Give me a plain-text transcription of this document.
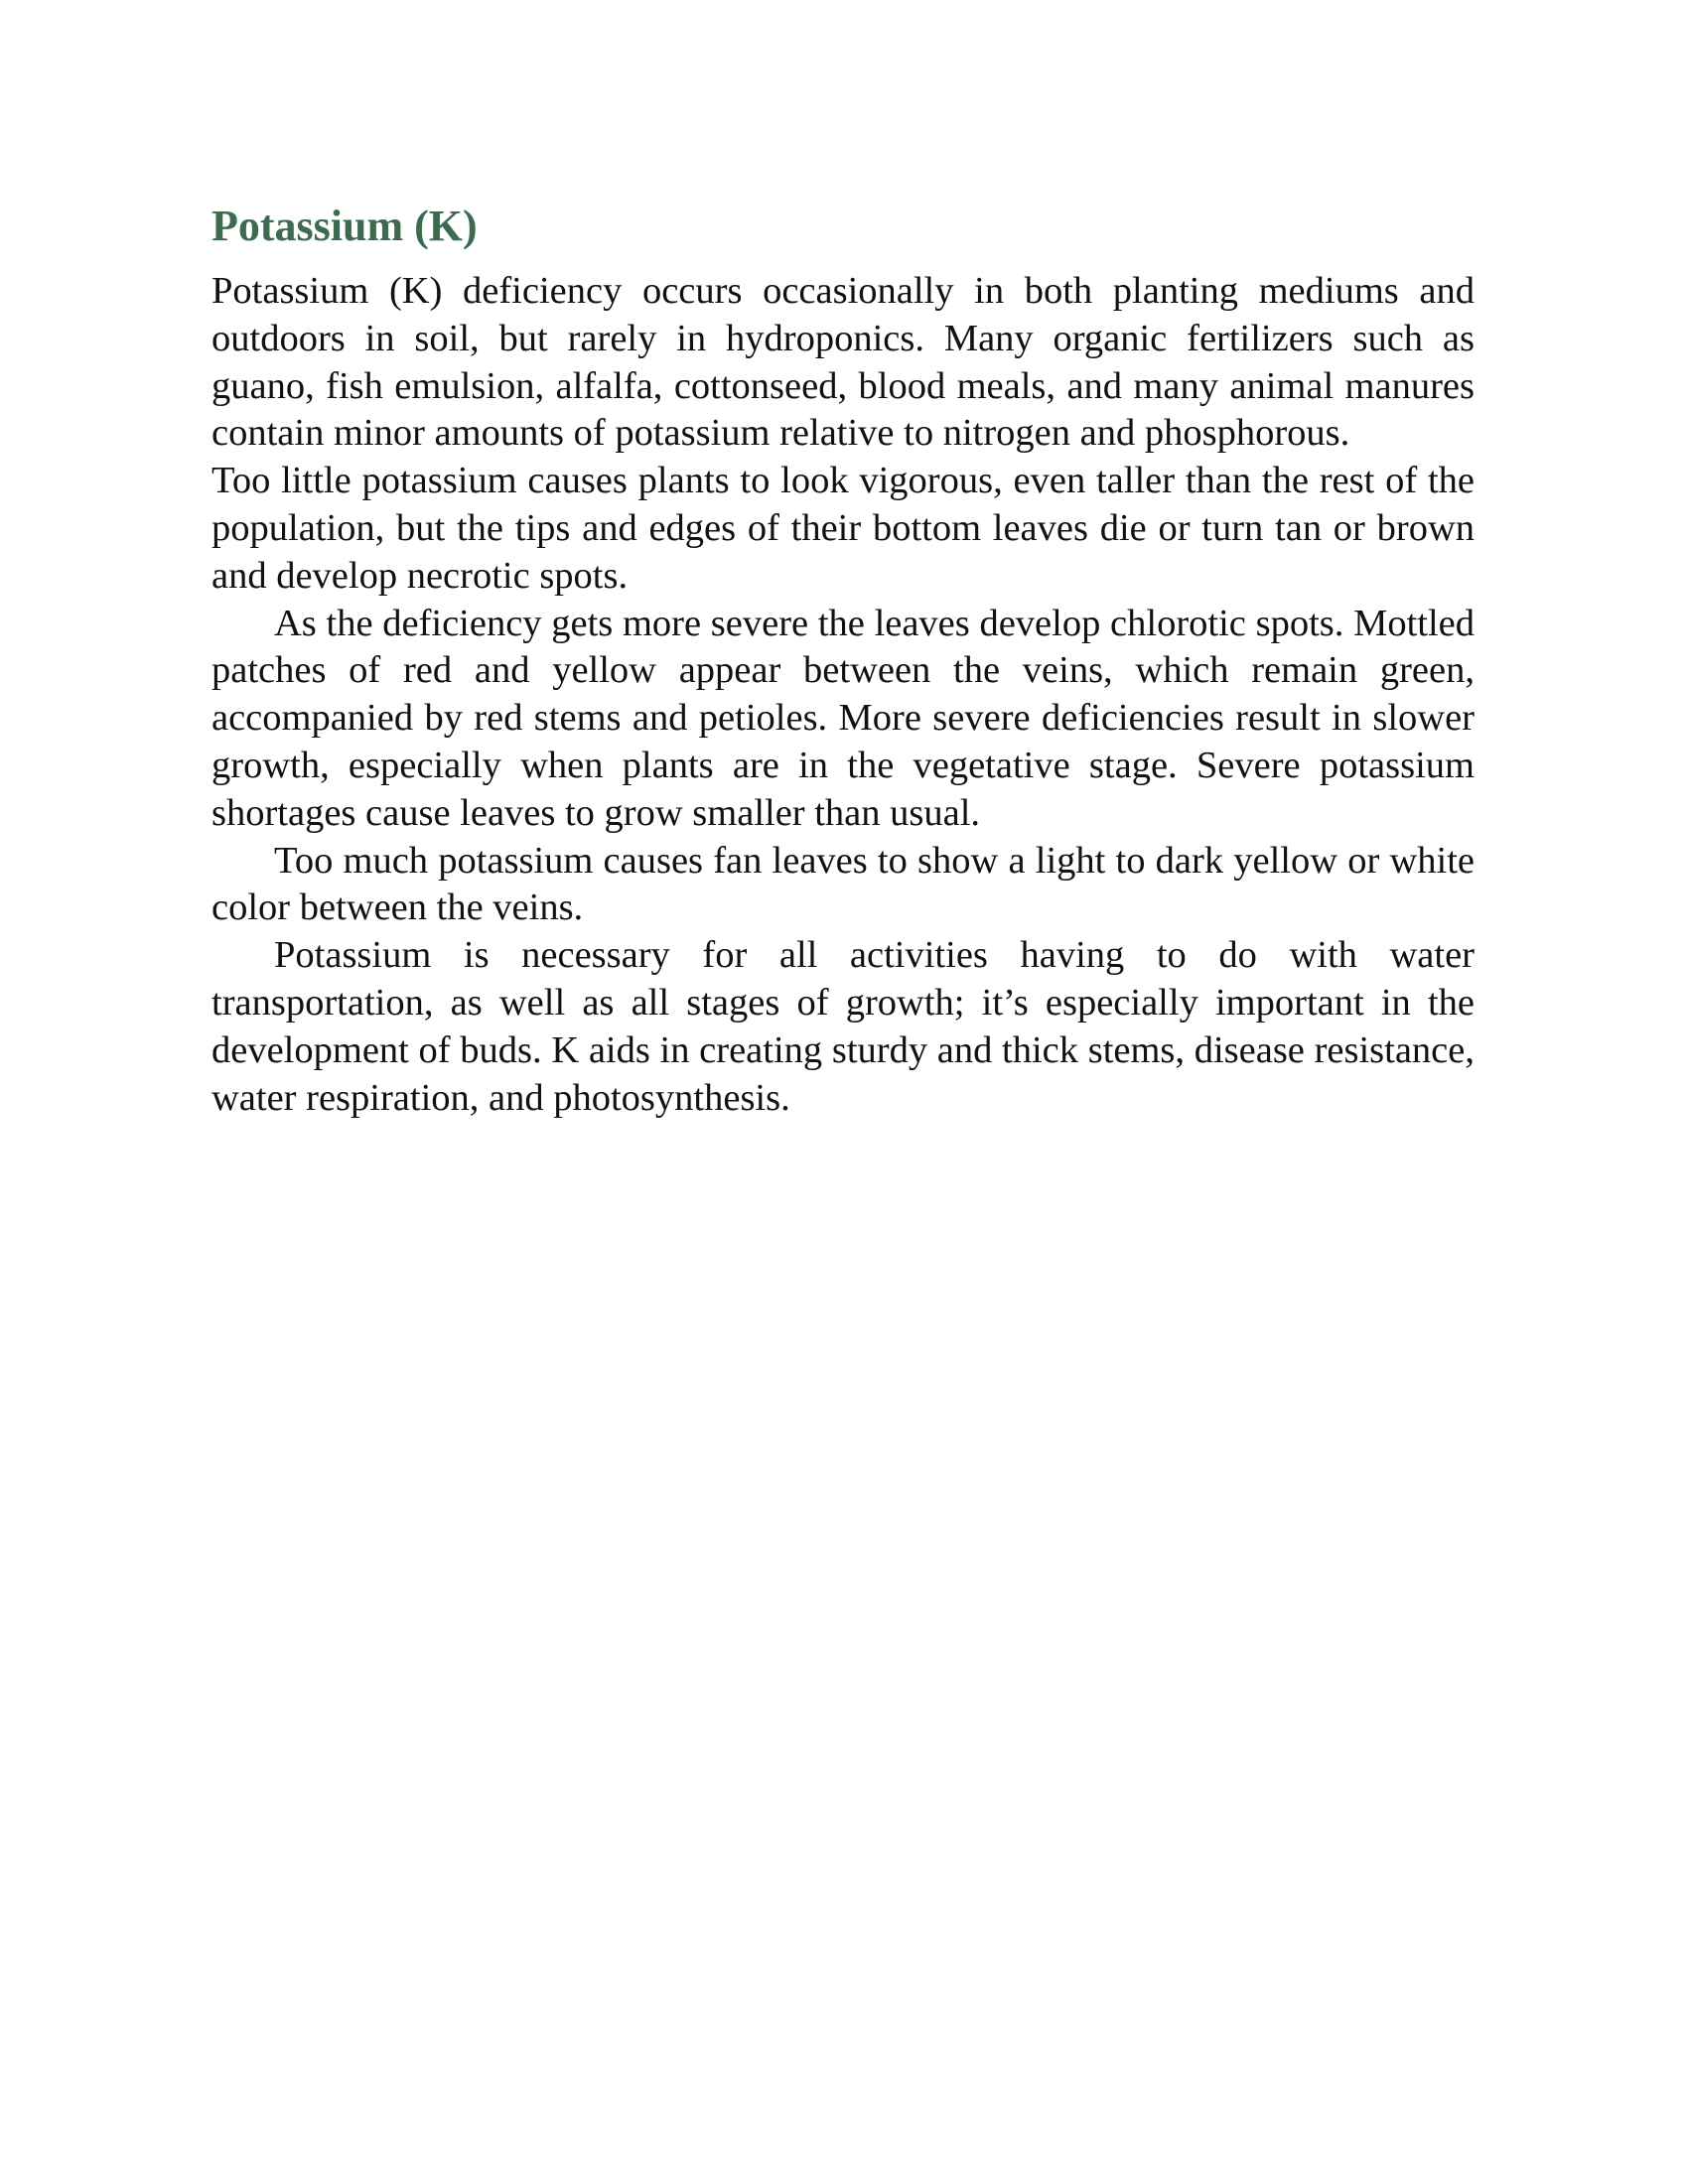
Potassium (K)

Potassium (K) deficiency occurs occasionally in both planting mediums and outdoors in soil, but rarely in hydroponics. Many organic fertilizers such as guano, fish emulsion, alfalfa, cottonseed, blood meals, and many animal manures contain minor amounts of potassium relative to nitrogen and phosphorous.

Too little potassium causes plants to look vigorous, even taller than the rest of the population, but the tips and edges of their bottom leaves die or turn tan or brown and develop necrotic spots.

As the deficiency gets more severe the leaves develop chlorotic spots. Mottled patches of red and yellow appear between the veins, which remain green, accompanied by red stems and petioles. More severe deficiencies result in slower growth, especially when plants are in the vegetative stage. Severe potassium shortages cause leaves to grow smaller than usual.

Too much potassium causes fan leaves to show a light to dark yellow or white color between the veins.

Potassium is necessary for all activities having to do with water transportation, as well as all stages of growth; it’s especially important in the development of buds. K aids in creating sturdy and thick stems, disease resistance, water respiration, and photosynthesis.
